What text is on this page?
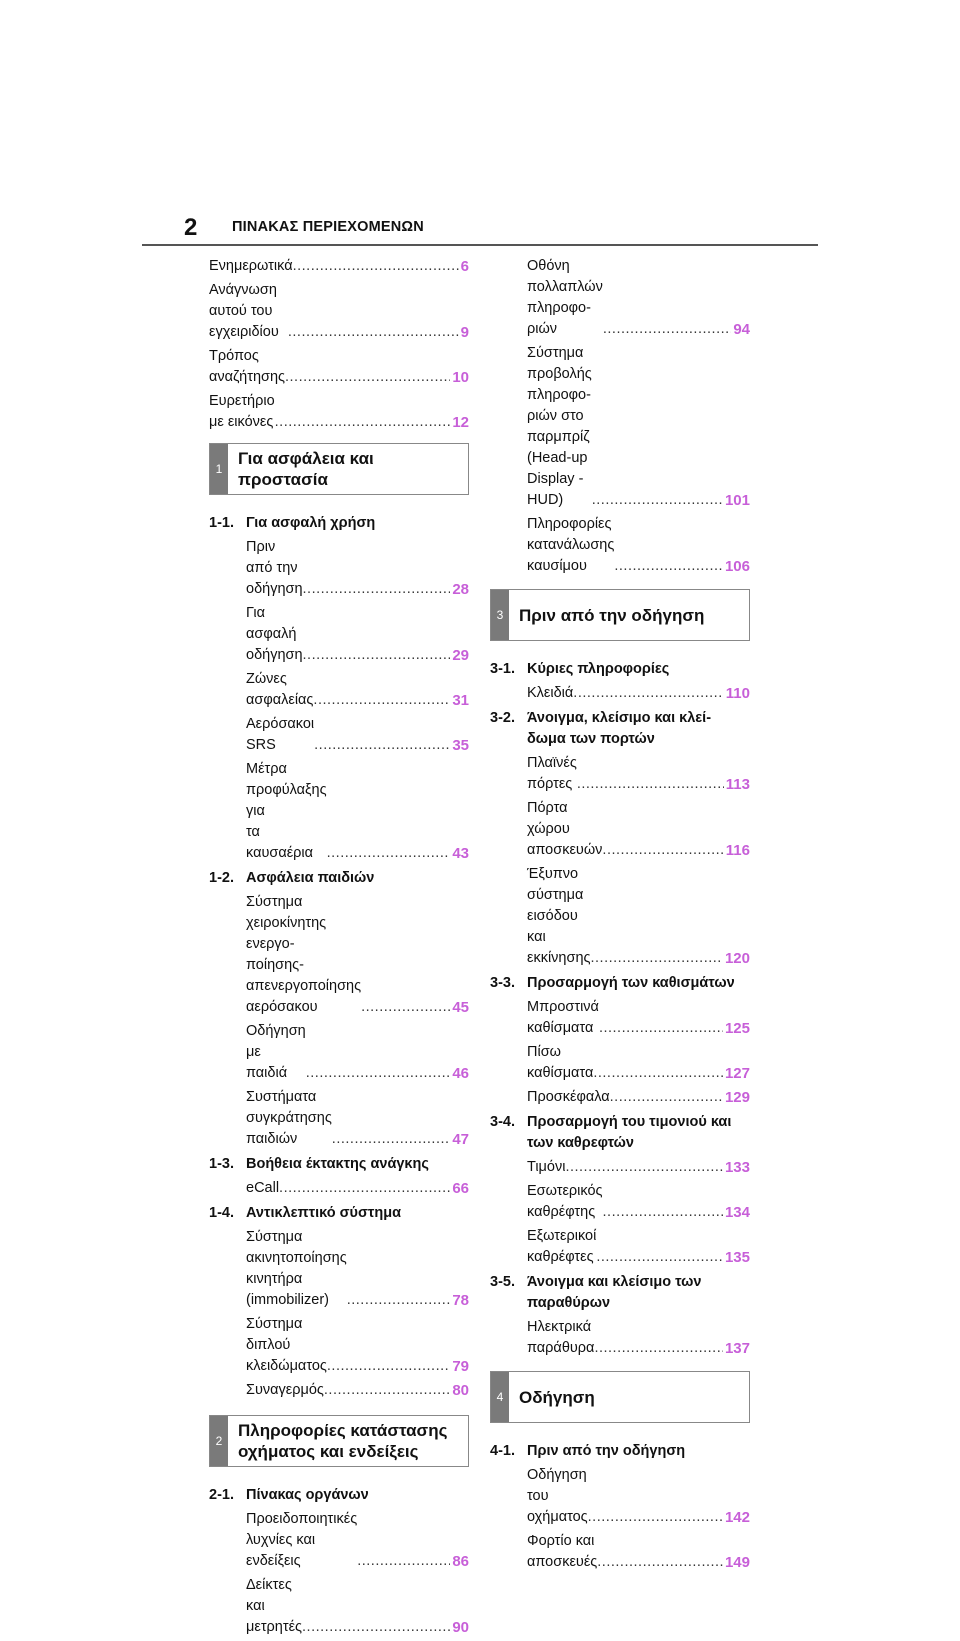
2 ΠΙΝΑΚΑΣ ΠΕΡΙΕΧΟΜΕΝΩΝ
Ενημερωτικά .....	6
Ανάγνωση αυτού του εγχειριδίου .....	9
Τρόπος αναζήτησης .....	10
Ευρετήριο με εικόνες .....	12
1
Για ασφάλεια και
προστασία
1-1. Για ασφαλή χρήση
Πριν από την οδήγηση .....	28
Για ασφαλή οδήγηση .....	29
Ζώνες ασφαλείας .....	31
Αερόσακοι SRS .....	35
Μέτρα προφύλαξης για
τα καυσαέρια .....	43
1-2. Ασφάλεια παιδιών
Σύστημα χειροκίνητης ενεργο-
ποίησης-απενεργοποίησης
αερόσακου .....	45
Οδήγηση με παιδιά .....	46
Συστήματα συγκράτησης
παιδιών .....	47
1-3. Βοήθεια έκτακτης ανάγκης
eCall .....	66
1-4. Αντικλεπτικό σύστημα
Σύστημα ακινητοποίησης
κινητήρα (immobilizer) .....	78
Σύστημα διπλού
κλειδώματος .....	79
Συναγερμός .....	80
2
Πληροφορίες κατάστασης
οχήματος και ενδείξεις
2-1. Πίνακας οργάνων
Προειδοποιητικές λυχνίες και
ενδείξεις .....	86
Δείκτες και μετρητές .....	90
Οθόνη πολλαπλών πληροφο-
ριών .....	94
Σύστημα προβολής πληροφο-
ριών στο παρμπρίζ (Head-up
Display - HUD) .....	101
Πληροφορίες κατανάλωσης
καυσίμου .....	106
3 Πριν από την οδήγηση
3-1. Κύριες πληροφορίες
Κλειδιά .....	110
3-2. Άνοιγμα, κλείσιμο και κλεί-
δωμα των πορτών
Πλαϊνές πόρτες .....	113
Πόρτα χώρου αποσκευών .....	116
Έξυπνο σύστημα εισόδου
και εκκίνησης .....	120
3-3. Προσαρμογή των καθισμάτων
Μπροστινά καθίσματα .....	125
Πίσω καθίσματα .....	127
Προσκέφαλα .....	129
3-4. Προσαρμογή του τιμονιού και
των καθρεφτών
Τιμόνι .....	133
Εσωτερικός καθρέφτης .....	134
Εξωτερικοί καθρέφτες .....	135
3-5. Άνοιγμα και κλείσιμο των
παραθύρων
Ηλεκτρικά παράθυρα .....	137
4 Οδήγηση
4-1. Πριν από την οδήγηση
Οδήγηση του οχήματος .....	142
Φορτίο και αποσκευές .....	149
